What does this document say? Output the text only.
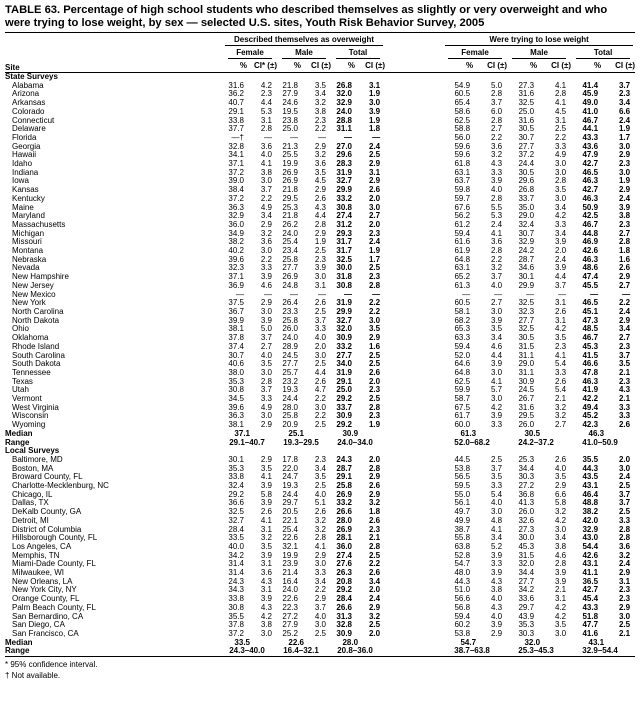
TABLE 63. Percentage of high school students who described themselves as slightly or very overweight and who were trying to lose weight, by sex — selected U.S. sites, Youth Risk Behavior Survey, 2005
Site	Described themselves as overweight							Were trying to lose weight					

	Female		Male		Total			Female		Male		Total	

	%	CI* (±)	%	CI (±)	%	CI (±)		%	CI (±)	%	CI (±)	%	CI (±)
State Surveys													
Alabama	31.6	4.2	21.8	3.5	26.8	3.1		54.9	5.0	27.3	4.1	41.4	3.7
Arizona	36.2	2.3	27.9	3.4	32.0	1.9		60.5	2.8	31.6	2.8	45.9	2.3
Arkansas	40.7	4.4	24.6	3.2	32.9	3.0		65.4	3.7	32.5	4.1	49.0	3.4
Colorado	29.1	5.3	19.5	3.8	24.0	3.9		58.6	6.0	25.0	4.5	41.0	6.6
Connecticut	33.8	3.1	23.8	2.3	28.8	1.9		62.5	2.8	31.6	3.1	46.7	2.4
Delaware	37.7	2.8	25.0	2.2	31.1	1.8		58.8	2.7	30.5	2.5	44.1	1.9
Florida	—†	—	—	—	—	—		56.0	2.2	30.7	2.2	43.3	1.7
Georgia	32.8	3.6	21.3	2.9	27.0	2.4		59.6	3.6	27.7	3.3	43.6	3.0
Hawaii	34.1	4.0	25.5	3.2	29.6	2.5		59.6	3.2	37.2	4.9	47.9	2.9
Idaho	37.1	4.1	19.9	3.6	28.3	2.9		61.8	4.3	24.4	3.0	42.7	2.3
Indiana	37.2	3.8	26.9	3.5	31.9	3.1		63.1	3.3	30.5	3.0	46.5	3.0
Iowa	39.0	3.0	26.9	4.5	32.7	2.9		63.7	3.9	29.6	2.8	46.3	1.9
Kansas	38.4	3.7	21.8	2.9	29.9	2.6		59.8	4.0	26.8	3.5	42.7	2.9
Kentucky	37.2	2.2	29.5	2.6	33.2	2.0		59.7	2.8	33.7	3.0	46.3	2.4
Maine	36.3	4.9	25.3	4.3	30.8	3.0		67.6	5.5	35.0	3.4	50.9	3.9
Maryland	32.9	3.4	21.8	4.4	27.4	2.7		56.2	5.3	29.0	4.2	42.5	3.8
Massachusetts	36.0	2.9	26.2	2.8	31.2	2.0		61.2	2.4	32.4	3.3	46.7	2.3
Michigan	34.9	3.2	24.0	2.9	29.3	2.3		59.4	4.1	30.7	3.4	44.8	2.7
Missouri	38.2	3.6	25.4	1.9	31.7	2.4		61.6	3.6	32.9	3.9	46.9	2.8
Montana	40.2	3.0	23.4	2.5	31.7	1.9		61.9	2.8	24.2	2.0	42.6	1.8
Nebraska	39.6	2.2	25.8	2.3	32.5	1.7		64.8	2.2	28.7	2.4	46.3	1.6
Nevada	32.3	3.3	27.7	3.9	30.0	2.5		63.1	3.2	34.6	3.9	48.6	2.6
New Hampshire	37.1	3.9	26.9	3.0	31.8	2.3		65.2	3.7	30.1	4.4	47.4	2.9
New Jersey	36.9	4.6	24.8	3.1	30.8	2.8		61.3	4.0	29.9	3.7	45.5	2.7
New Mexico	—	—	—	—	—	—		—	—	—	—	—	—
New York	37.5	2.9	26.4	2.6	31.9	2.2		60.5	2.7	32.5	3.1	46.5	2.2
North Carolina	36.7	3.0	23.3	2.5	29.9	2.2		58.1	3.0	32.3	2.6	45.1	2.4
North Dakota	39.9	3.9	25.8	3.7	32.7	3.0		68.2	3.9	27.7	3.1	47.3	2.9
Ohio	38.1	5.0	26.0	3.3	32.0	3.5		65.3	3.5	32.5	4.2	48.5	3.4
Oklahoma	37.8	3.7	24.0	4.0	30.9	2.9		63.3	3.4	30.5	3.5	46.7	2.7
Rhode Island	37.4	2.7	28.9	2.0	33.2	1.6		59.4	4.6	31.5	2.3	45.3	2.3
South Carolina	30.7	4.0	24.5	3.0	27.7	2.5		52.0	4.4	31.1	4.1	41.5	3.7
South Dakota	40.6	3.5	27.7	2.5	34.0	2.5		64.6	3.9	29.0	5.4	46.6	3.5
Tennessee	38.0	3.0	25.7	4.4	31.9	2.6		64.8	3.0	31.1	3.3	47.8	2.1
Texas	35.3	2.8	23.2	2.6	29.1	2.0		62.5	4.1	30.9	2.6	46.3	2.3
Utah	30.8	3.7	19.3	4.7	25.0	2.3		59.9	5.7	24.5	5.4	41.9	4.3
Vermont	34.5	3.3	24.4	2.2	29.2	2.5		58.7	3.0	26.7	2.1	42.2	2.1
West Virginia	39.6	4.9	28.0	3.0	33.7	2.8		67.5	4.2	31.6	3.2	49.4	3.3
Wisconsin	36.3	3.0	25.8	2.2	30.9	2.3		61.7	3.9	29.5	3.2	45.2	3.3
Wyoming	38.1	2.9	20.9	2.5	29.2	1.9		60.0	3.3	26.0	2.7	42.3	2.6
Median	37.1		25.1		30.9			61.3		30.5		46.3	
Range	29.1–40.7		19.3–29.5		24.0–34.0			52.0–68.2		24.2–37.2		41.0–50.9	
Local Surveys													
Baltimore, MD	30.1	2.9	17.8	2.3	24.3	2.0		44.5	2.5	25.3	2.6	35.5	2.0
Boston, MA	35.3	3.5	22.0	3.4	28.7	2.8		53.8	3.7	34.4	4.0	44.3	3.0
Broward County, FL	33.8	4.1	24.7	3.5	29.1	2.9		56.5	3.5	30.3	3.5	43.5	2.4
Charlotte-Mecklenburg, NC	32.4	3.9	19.3	2.5	25.8	2.6		59.5	3.3	27.2	2.9	43.1	2.5
Chicago, IL	29.2	5.8	24.4	4.0	26.9	2.9		55.0	5.4	36.8	6.6	46.4	3.7
Dallas, TX	36.6	3.9	29.7	5.1	33.2	3.2		56.1	4.0	41.3	5.8	48.8	3.7
DeKalb County, GA	32.5	2.6	20.5	2.6	26.6	1.8		49.7	3.0	26.0	3.2	38.2	2.5
Detroit, MI	32.7	4.1	22.1	3.2	28.0	2.6		49.9	4.8	32.6	4.2	42.0	3.3
District of Columbia	28.4	3.1	25.4	3.2	26.9	2.3		38.7	4.1	27.3	3.0	32.9	2.8
Hillsborough County, FL	33.5	3.2	22.6	2.8	28.1	2.1		55.8	3.4	30.0	3.4	43.0	2.8
Los Angeles, CA	40.0	3.5	32.1	4.1	36.0	2.8		63.8	5.2	45.3	3.8	54.4	3.6
Memphis, TN	34.2	3.9	19.9	2.9	27.4	2.5		52.8	3.9	31.5	4.6	42.6	3.2
Miami-Dade County, FL	31.4	3.1	23.9	3.0	27.6	2.2		54.7	3.3	32.0	2.8	43.1	2.4
Milwaukee, WI	31.4	3.6	21.4	3.3	26.3	2.6		48.0	3.9	34.4	3.9	41.1	2.9
New Orleans, LA	24.3	4.3	16.4	3.4	20.8	3.4		44.3	4.3	27.7	3.9	36.5	3.1
New York City, NY	34.3	3.1	24.0	2.2	29.2	2.0		51.0	3.8	34.2	2.1	42.7	2.3
Orange County, FL	33.8	3.9	22.6	2.9	28.4	2.4		56.6	4.0	33.6	3.1	45.4	2.3
Palm Beach County, FL	30.8	4.3	22.3	3.7	26.6	2.9		56.8	4.3	29.7	4.2	43.3	2.9
San Bernardino, CA	35.5	4.2	27.2	4.0	31.3	3.2		59.4	4.0	43.9	4.2	51.8	3.0
San Diego, CA	37.8	3.8	27.9	3.0	32.8	2.5		60.2	3.9	35.3	3.5	47.7	2.5
San Francisco, CA	37.2	3.0	25.2	2.5	30.9	2.0		53.8	2.9	30.3	3.0	41.6	2.1
Median	33.5		22.6		28.0			54.7		32.0		43.1	
Range	24.3–40.0		16.4–32.1		20.8–36.0			38.7–63.8		25.3–45.3		32.9–54.4	
* 95% confidence interval.
† Not available.
